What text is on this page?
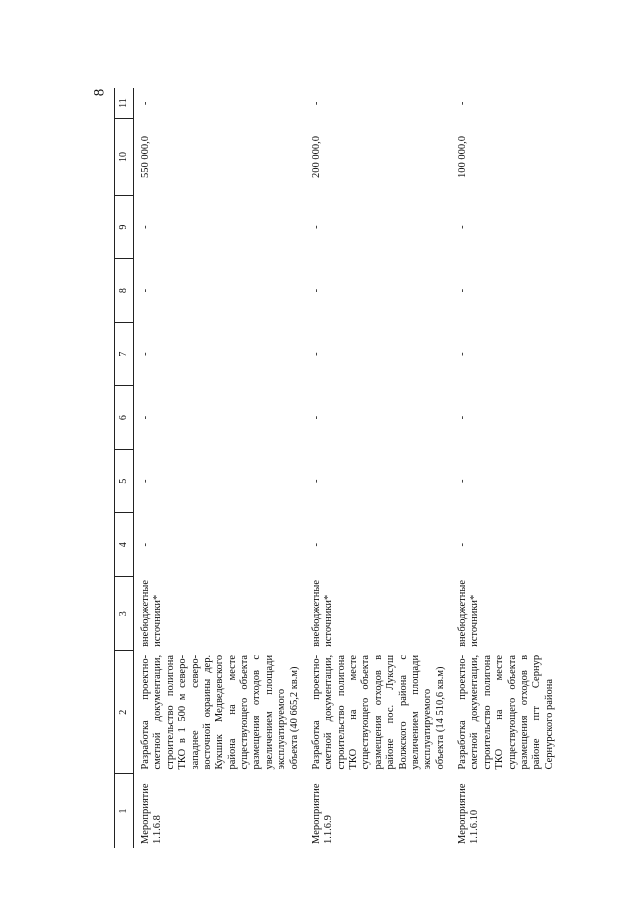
8
1	2	3	4	5	6	7	8	9	10	11
Мероприятие 1.1.6.8	Разработка проектно-сметной документации, строительство полигона ТКО в 1 500 м северо-западнее северо-восточной окраины дер. Кукшик Медведевского района на месте существующего объекта размещения отходов с увеличением площади эксплуатируемого объекта (40 665,2 кв.м)	внебюджетные источники*	-	-	-	-	-	-	550 000,0	-
Мероприятие 1.1.6.9	Разработка проектно-сметной документации, строительство полигона ТКО на месте существующего объекта размещения отходов в районе пос. Луксуш Волжского района с увеличением площади эксплуатируемого объекта (14 510,6 кв.м)	внебюджетные источники*	-	-	-	-	-	-	200 000,0	-
Мероприятие 1.1.6.10	Разработка проектно-сметной документации, строительство полигона ТКО на месте существующего объекта размещения отходов в районе пгт Сернур Сернурского района	внебюджетные источники*	-	-	-	-	-	-	100 000,0	-
